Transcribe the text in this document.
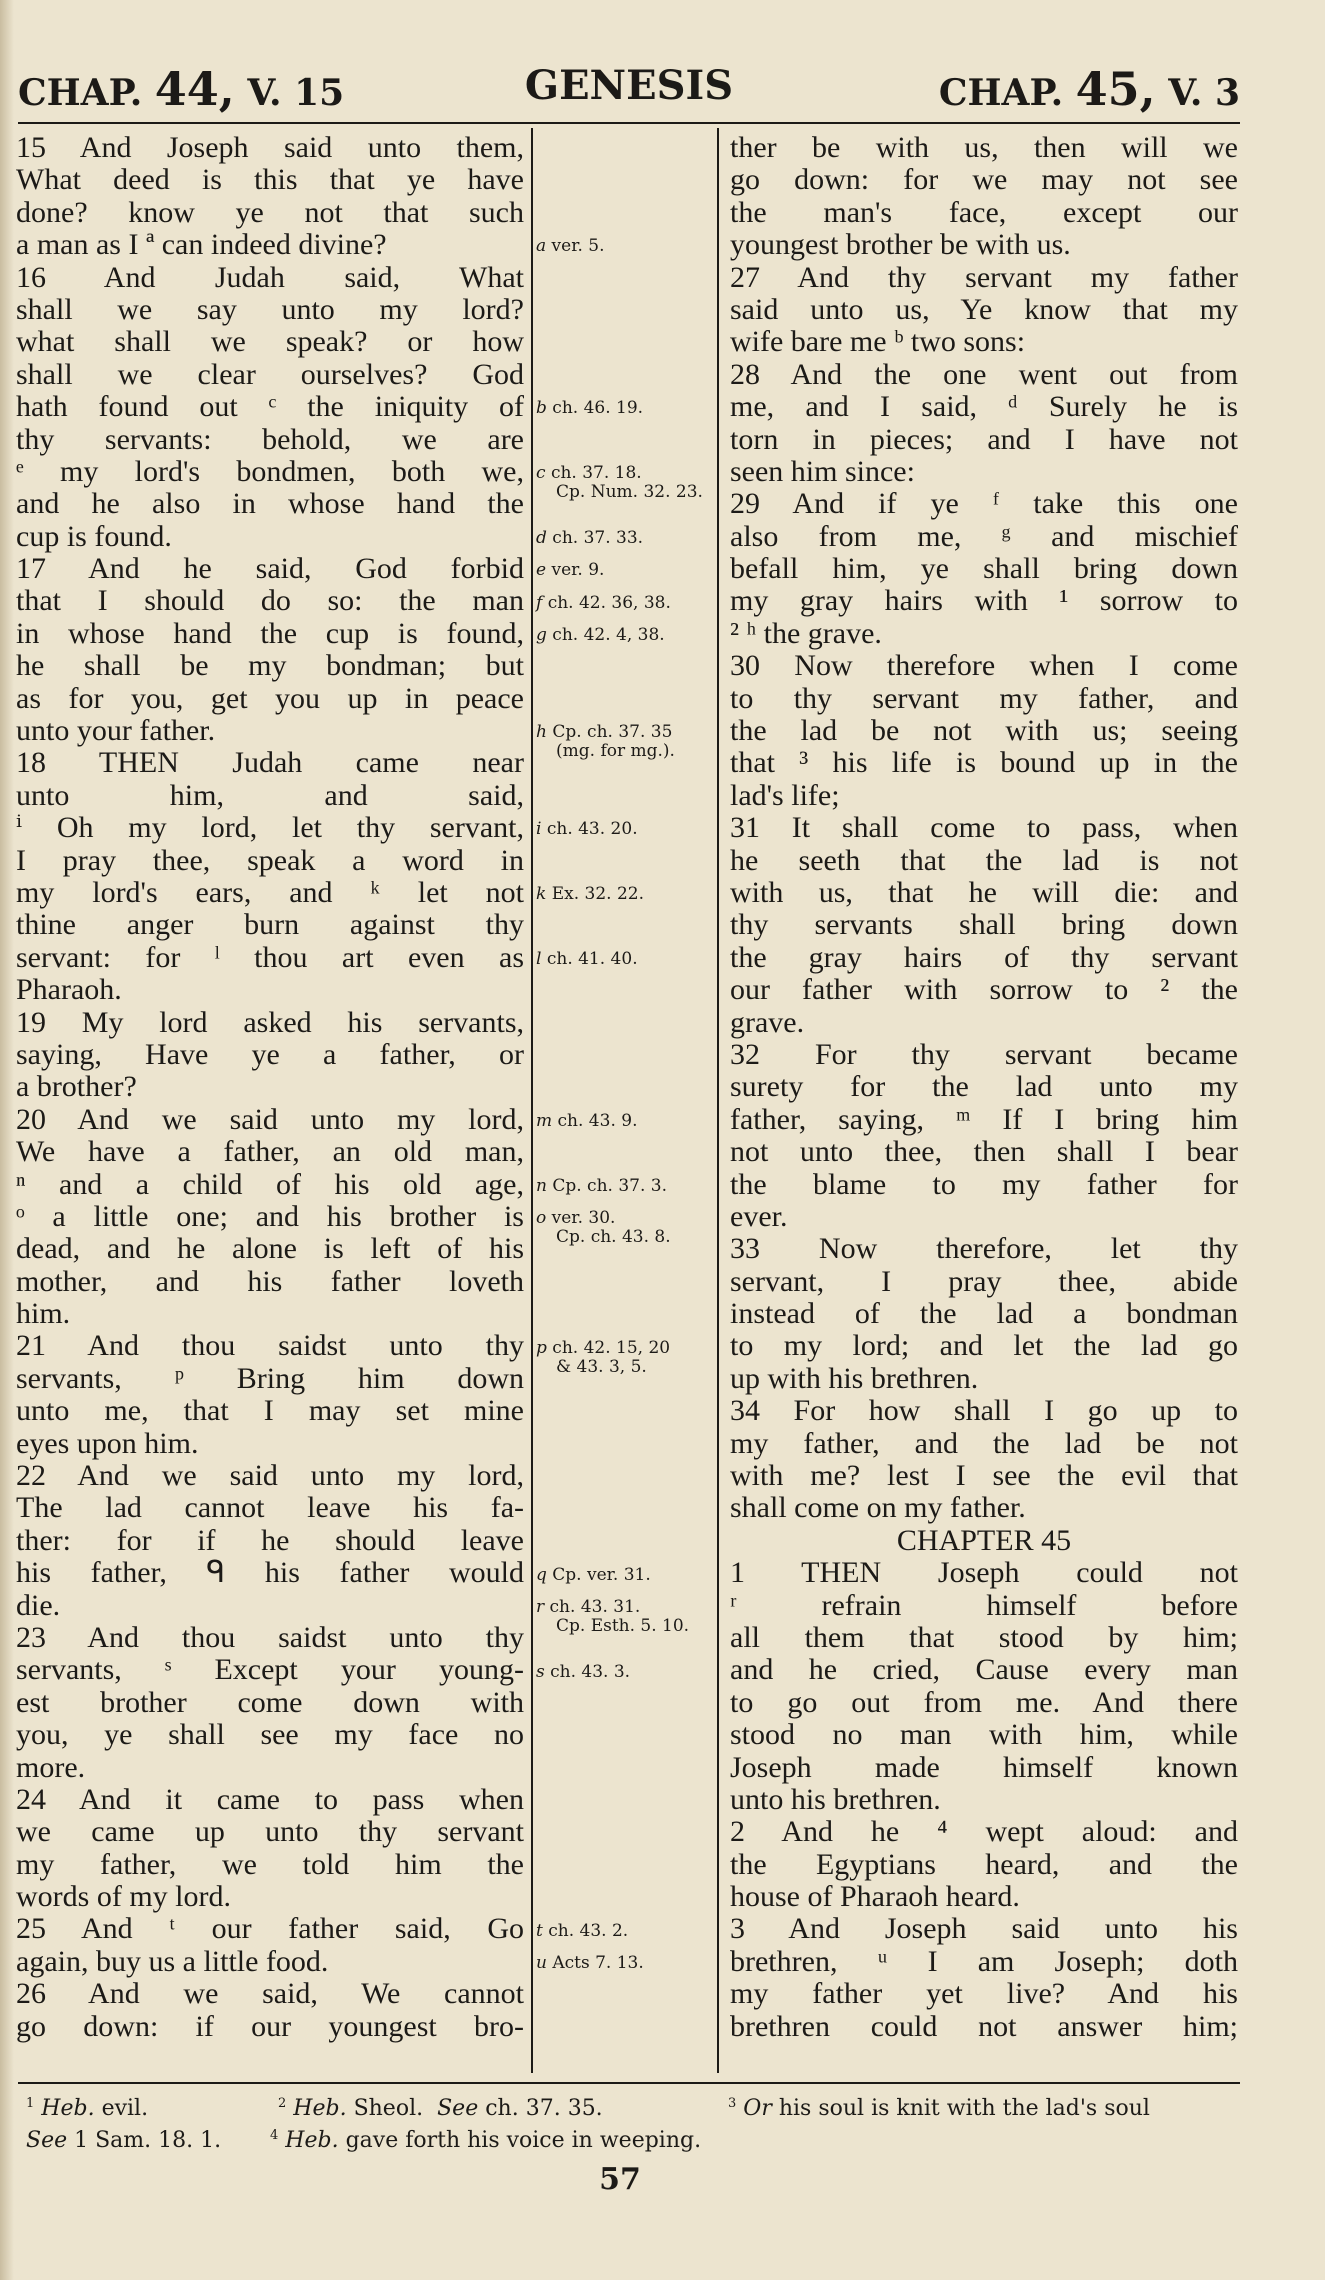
CHAP. 44, V. 15	GENESIS	CHAP. 45, V. 3
15 And Joseph said unto them,
What deed is this that ye have
done? know ye not that such
a man as I ª can indeed divine?
16 And Judah said, What
shall we say unto my lord?
what shall we speak? or how
shall we clear ourselves? God
hath found out ᶜ the iniquity of
thy servants: behold, we are
ᵉ my lord's bondmen, both we,
and he also in whose hand the
cup is found.
17 And he said, God forbid
that I should do so: the man
in whose hand the cup is found,
he shall be my bondman; but
as for you, get you up in peace
unto your father.
18 THEN Judah came near
unto him, and said,
ⁱ Oh my lord, let thy servant,
I pray thee, speak a word in
my lord's ears, and ᵏ let not
thine anger burn against thy
servant: for ˡ thou art even as
Pharaoh.
19 My lord asked his servants,
saying, Have ye a father, or
a brother?
20 And we said unto my lord,
We have a father, an old man,
ⁿ and a child of his old age,
ᵒ a little one; and his brother is
dead, and he alone is left of his
mother, and his father loveth
him.
21 And thou saidst unto thy
servants, ᵖ Bring him down
unto me, that I may set mine
eyes upon him.
22 And we said unto my lord,
The lad cannot leave his fa-
ther: for if he should leave
his father, ᑫ his father would
die.
23 And thou saidst unto thy
servants, ˢ Except your young-
est brother come down with
you, ye shall see my face no
more.
24 And it came to pass when
we came up unto thy servant
my father, we told him the
words of my lord.
25 And ᵗ our father said, Go
again, buy us a little food.
26 And we said, We cannot
go down: if our youngest bro-
a ver. 5.
b ch. 46. 19.
c ch. 37. 18.
Cp. Num. 32. 23.
d ch. 37. 33.
e ver. 9.
f ch. 42. 36, 38.
g ch. 42. 4, 38.
h Cp. ch. 37. 35
(mg. for mg.).
i ch. 43. 20.
k Ex. 32. 22.
l ch. 41. 40.
m ch. 43. 9.
n Cp. ch. 37. 3.
o ver. 30.
Cp. ch. 43. 8.
p ch. 42. 15, 20
& 43. 3, 5.
q Cp. ver. 31.
r ch. 43. 31.
Cp. Esth. 5. 10.
s ch. 43. 3.
t ch. 43. 2.
u Acts 7. 13.
ther be with us, then will we
go down: for we may not see
the man's face, except our
youngest brother be with us.
27 And thy servant my father
said unto us, Ye know that my
wife bare me ᵇ two sons:
28 And the one went out from
me, and I said, ᵈ Surely he is
torn in pieces; and I have not
seen him since:
29 And if ye ᶠ take this one
also from me, ᵍ and mischief
befall him, ye shall bring down
my gray hairs with ¹ sorrow to
² ʰ the grave.
30 Now therefore when I come
to thy servant my father, and
the lad be not with us; seeing
that ³ his life is bound up in the
lad's life;
31 It shall come to pass, when
he seeth that the lad is not
with us, that he will die: and
thy servants shall bring down
the gray hairs of thy servant
our father with sorrow to ² the
grave.
32 For thy servant became
surety for the lad unto my
father, saying, ᵐ If I bring him
not unto thee, then shall I bear
the blame to my father for
ever.
33 Now therefore, let thy
servant, I pray thee, abide
instead of the lad a bondman
to my lord; and let the lad go
up with his brethren.
34 For how shall I go up to
my father, and the lad be not
with me? lest I see the evil that
shall come on my father.
CHAPTER 45
1 THEN Joseph could not
ʳ refrain himself before
all them that stood by him;
and he cried, Cause every man
to go out from me. And there
stood no man with him, while
Joseph made himself known
unto his brethren.
2 And he ⁴ wept aloud: and
the Egyptians heard, and the
house of Pharaoh heard.
3 And Joseph said unto his
brethren, ᵘ I am Joseph; doth
my father yet live? And his
brethren could not answer him;
$^1$ Heb. evil.	$^2$ Heb. Sheol. See ch. 37. 35.	$^3$ Or his soul is knit with the lad's soul
See 1 Sam. 18. 1.	$^4$ Heb. gave forth his voice in weeping.
57
